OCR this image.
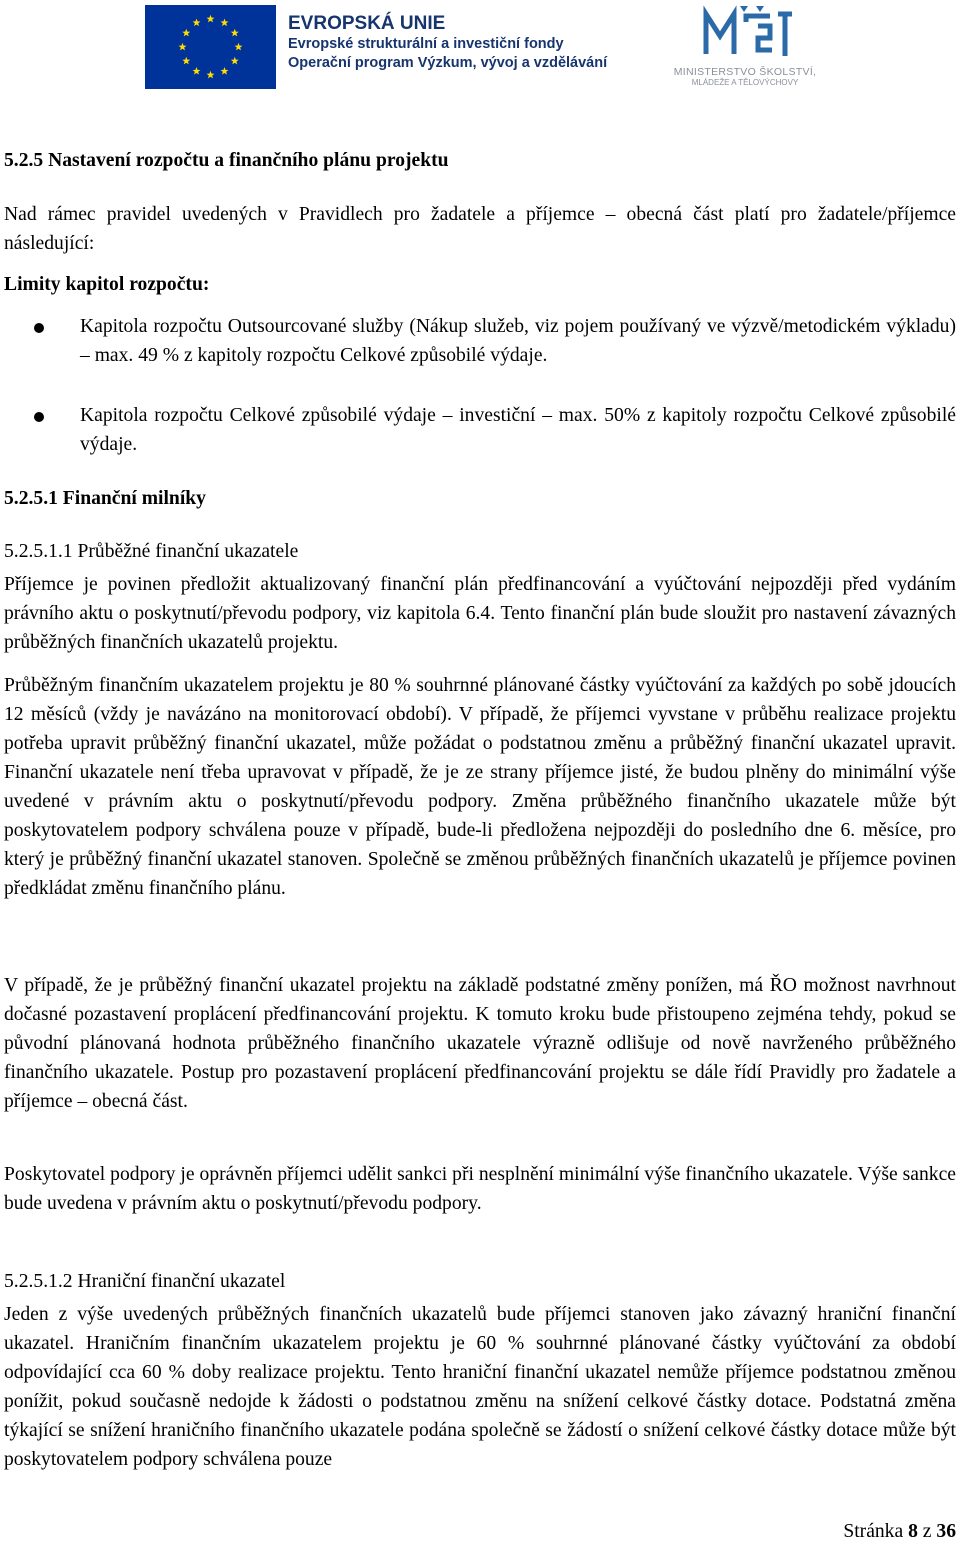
EVROPSKÁ UNIE
Evropské strukturální a investiční fondy
Operační program Výzkum, vývoj a vzdělávání
MINISTERSTVO ŠKOLSTVÍ,
MLÁDEŽE A TĚLOVÝCHOVY
5.2.5 Nastavení rozpočtu a finančního plánu projektu
Nad rámec pravidel uvedených v Pravidlech pro žadatele a příjemce – obecná část platí pro žadatele/příjemce následující:
Limity kapitol rozpočtu:
Kapitola rozpočtu Outsourcované služby (Nákup služeb, viz pojem používaný ve výzvě/metodickém výkladu) – max. 49 % z kapitoly rozpočtu Celkové způsobilé výdaje.
Kapitola rozpočtu Celkové způsobilé výdaje – investiční – max. 50% z kapitoly rozpočtu Celkové způsobilé výdaje.
5.2.5.1 Finanční milníky
5.2.5.1.1 Průběžné finanční ukazatele
Příjemce je povinen předložit aktualizovaný finanční plán předfinancování a vyúčtování nejpozději před vydáním právního aktu o poskytnutí/převodu podpory, viz kapitola 6.4. Tento finanční plán bude sloužit pro nastavení závazných průběžných finančních ukazatelů projektu.
Průběžným finančním ukazatelem projektu je 80 % souhrnné plánované částky vyúčtování za každých po sobě jdoucích 12 měsíců (vždy je navázáno na monitorovací období). V případě, že příjemci vyvstane v průběhu realizace projektu potřeba upravit průběžný finanční ukazatel, může požádat o podstatnou změnu a průběžný finanční ukazatel upravit. Finanční ukazatele není třeba upravovat v případě, že je ze strany příjemce jisté, že budou plněny do minimální výše uvedené v právním aktu o poskytnutí/převodu podpory. Změna průběžného finančního ukazatele může být poskytovatelem podpory schválena pouze v případě, bude-li předložena nejpozději do posledního dne 6. měsíce, pro který je průběžný finanční ukazatel stanoven. Společně se změnou průběžných finančních ukazatelů je příjemce povinen předkládat změnu finančního plánu.
V případě, že je průběžný finanční ukazatel projektu na základě podstatné změny ponížen, má ŘO možnost navrhnout dočasné pozastavení proplácení předfinancování projektu. K tomuto kroku bude přistoupeno zejména tehdy, pokud se původní plánovaná hodnota průběžného finančního ukazatele výrazně odlišuje od nově navrženého průběžného finančního ukazatele. Postup pro pozastavení proplácení předfinancování projektu se dále řídí Pravidly pro žadatele a příjemce – obecná část.
Poskytovatel podpory je oprávněn příjemci udělit sankci při nesplnění minimální výše finančního ukazatele. Výše sankce bude uvedena v právním aktu o poskytnutí/převodu podpory.
5.2.5.1.2 Hraniční finanční ukazatel
Jeden z výše uvedených průběžných finančních ukazatelů bude příjemci stanoven jako závazný hraniční finanční ukazatel. Hraničním finančním ukazatelem projektu je 60 % souhrnné plánované částky vyúčtování za období odpovídající cca 60 % doby realizace projektu. Tento hraniční finanční ukazatel nemůže příjemce podstatnou změnou ponížit, pokud současně nedojde k žádosti o podstatnou změnu na snížení celkové částky dotace. Podstatná změna týkající se snížení hraničního finančního ukazatele podána společně se žádostí o snížení celkové částky dotace může být poskytovatelem podpory schválena pouze
Stránka 8 z 36
